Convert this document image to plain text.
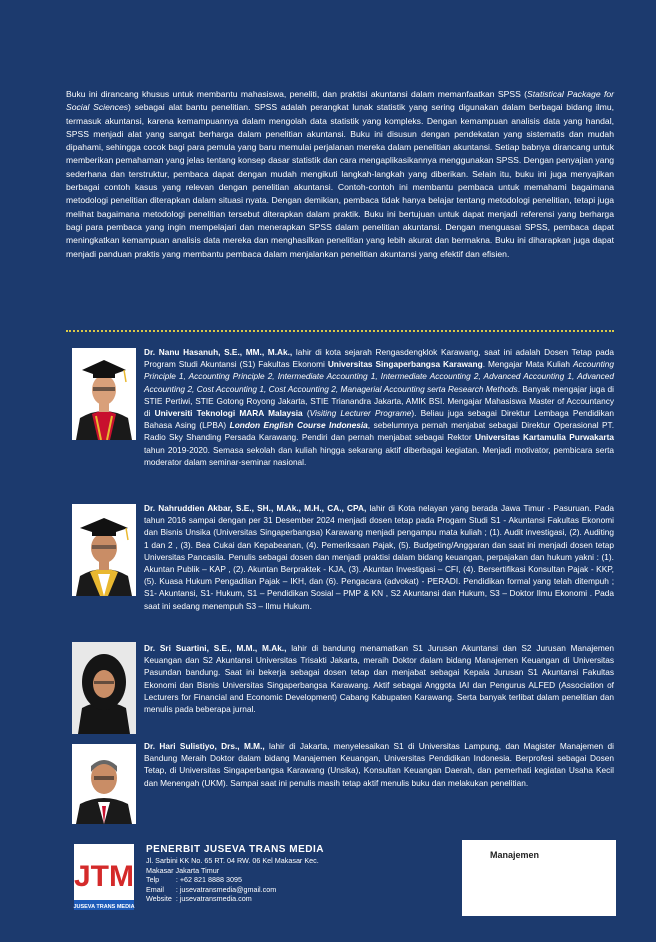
Buku ini dirancang khusus untuk membantu mahasiswa, peneliti, dan praktisi akuntansi dalam memanfaatkan SPSS (Statistical Package for Social Sciences) sebagai alat bantu penelitian. SPSS adalah perangkat lunak statistik yang sering digunakan dalam berbagai bidang ilmu, termasuk akuntansi, karena kemampuannya dalam mengolah data statistik yang kompleks. Dengan kemampuan analisis data yang handal, SPSS menjadi alat yang sangat berharga dalam penelitian akuntansi. Buku ini disusun dengan pendekatan yang sistematis dan mudah dipahami, sehingga cocok bagi para pemula yang baru memulai perjalanan mereka dalam penelitian akuntansi. Setiap babnya dirancang untuk memberikan pemahaman yang jelas tentang konsep dasar statistik dan cara mengaplikasikannya menggunakan SPSS. Dengan penyajian yang sederhana dan terstruktur, pembaca dapat dengan mudah mengikuti langkah-langkah yang diberikan. Selain itu, buku ini juga menyajikan berbagai contoh kasus yang relevan dengan penelitian akuntansi. Contoh-contoh ini membantu pembaca untuk memahami bagaimana metodologi penelitian diterapkan dalam situasi nyata. Dengan demikian, pembaca tidak hanya belajar tentang metodologi penelitian, tetapi juga melihat bagaimana metodologi penelitian tersebut diterapkan dalam praktik. Buku ini bertujuan untuk dapat menjadi referensi yang berharga bagi para pembaca yang ingin mempelajari dan menerapkan SPSS dalam penelitian akuntansi. Dengan menguasai SPSS, pembaca dapat meningkatkan kemampuan analisis data mereka dan menghasilkan penelitian yang lebih akurat dan bermakna. Buku ini diharapkan juga dapat menjadi panduan praktis yang membantu pembaca dalam menjalankan penelitian akuntansi yang efektif dan efisien.

Dr. Nanu Hasanuh, S.E., MM., M.Ak., lahir di kota sejarah Rengasdengklok Karawang, saat ini adalah Dosen Tetap pada Program Studi Akuntansi (S1) Fakultas Ekonomi Universitas Singaperbangsa Karawang. Mengajar Mata Kuliah Accounting Principle 1, Accounting Principle 2, Intermediate Accounting 1, Intermediate Accounting 2, Advanced Accounting 1, Advanced Accounting 2, Cost Accounting 1, Cost Accounting 2, Managerial Accounting serta Research Methods. Banyak mengajar juga di STIE Pertiwi, STIE Gotong Royong Jakarta, STIE Trianandra Jakarta, AMIK BSI. Mengajar Mahasiswa Master of Accountancy di Universiti Teknologi MARA Malaysia (Visiting Lecturer Programe). Beliau juga sebagai Direktur Lembaga Pendidikan Bahasa Asing (LPBA) London English Course Indonesia, sebelumnya pernah menjabat sebagai Direktur Operasional PT. Radio Sky Shanding Persada Karawang. Pendiri dan pernah menjabat sebagai Rektor Universitas Kartamulia Purwakarta tahun 2019-2020. Semasa sekolah dan kuliah hingga sekarang aktif diberbagai kegiatan. Menjadi motivator, pembicara serta moderator dalam seminar-seminar nasional.
Dr. Nahruddien Akbar, S.E., SH., M.Ak., M.H., CA., CPA, lahir di Kota nelayan yang berada Jawa Timur - Pasuruan. Pada tahun 2016 sampai dengan per 31 Desember 2024 menjadi dosen tetap pada Progam Studi S1 - Akuntansi Fakultas Ekonomi dan Bisnis Unsika (Universitas Singaperbangsa) Karawang menjadi pengampu mata kuliah ; (1). Audit investigasi, (2). Auditing 1 dan 2 , (3). Bea Cukai dan Kepabeanan, (4). Pemeriksaan Pajak, (5). Budgeting/Anggaran dan saat ini menjadi dosen tetap Universitas Pancasila. Penulis sebagai dosen dan menjadi praktisi dalam bidang keuangan, perpajakan dan hukum yakni : (1). Akuntan Publik – KAP , (2). Akuntan Berpraktek - KJA, (3). Akuntan Investigasi – CFI, (4). Bersertifikasi Konsultan Pajak - KKP, (5). Kuasa Hukum Pengadilan Pajak – IKH, dan (6). Pengacara (advokat) - PERADI. Pendidikan formal yang telah ditempuh ; S1- Akuntansi, S1- Hukum, S1 – Pendidikan Sosial – PMP & KN , S2 Akuntansi dan Hukum, S3 – Doktor Ilmu Ekonomi . Pada saat ini sedang menempuh S3 – Ilmu Hukum.
Dr. Sri Suartini, S.E., M.M., M.Ak., lahir di bandung menamatkan S1 Jurusan Akuntansi dan S2 Jurusan Manajemen Keuangan dan S2 Akuntansi Universitas Trisakti Jakarta, meraih Doktor dalam bidang Manajemen Keuangan di Universitas Pasundan bandung. Saat ini bekerja sebagai dosen tetap dan menjabat sebagai Kepala Jurusan S1 Akuntansi Fakultas Ekonomi dan Bisnis Universitas Singaperbangsa Karawang. Aktif sebagai Anggota IAI dan Pengurus ALFED (Association of Lecturers for Financial and Economic Development) Cabang Kabupaten Karawang. Serta banyak terlibat dalam penelitian dan menulis pada beberapa jurnal.
Dr. Hari Sulistiyo, Drs., M.M., lahir di Jakarta, menyelesaikan S1 di Universitas Lampung, dan Magister Manajemen di Bandung Meraih Doktor dalam bidang Manajemen Keuangan, Universitas Pendidikan Indonesia. Berprofesi sebagai Dosen Tetap, di Universitas Singaperbangsa Karawang (Unsika), Konsultan Keuangan Daerah, dan pemerhati kegiatan Usaha Kecil dan Menengah (UKM). Sampai saat ini penulis masih tetap aktif menulis buku dan melakukan penelitian.
JTM
JUSEVA TRANS MEDIA
PENERBIT JUSEVA TRANS MEDIA
Jl. Sarbini KK No. 65 RT. 04 RW. 06 Kel Makasar Kec.
Makasar Jakarta Timur
Telp	: +62 821 8888 3095
Email	: jusevatransmedia@gmail.com
Website	: jusevatransmedia.com
Manajemen
